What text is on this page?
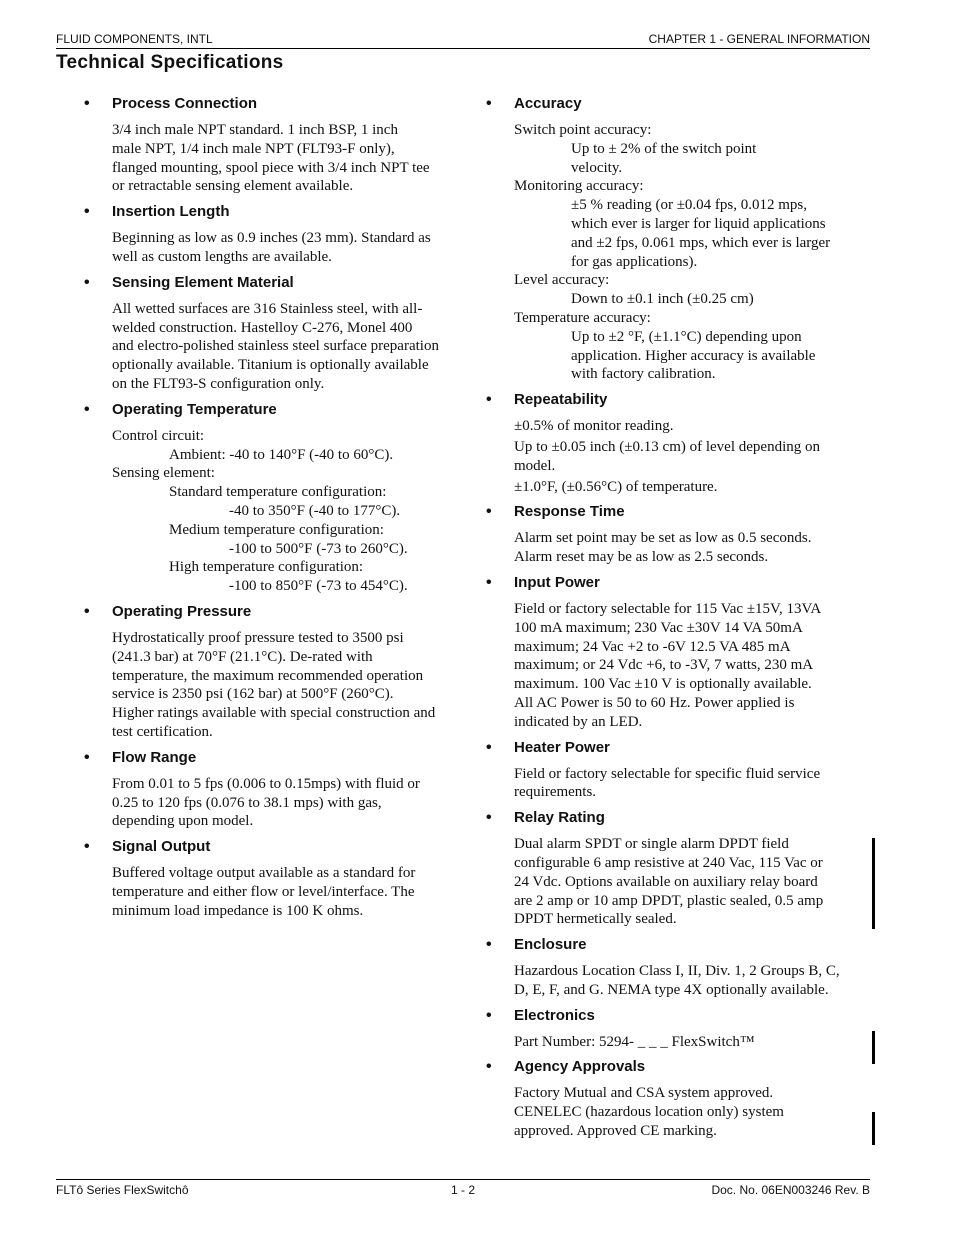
FLUID COMPONENTS, INTL	CHAPTER 1 - GENERAL INFORMATION
Technical Specifications
• Process Connection

3/4 inch male NPT standard. 1 inch BSP, 1 inch

male NPT, 1/4 inch male NPT (FLT93-F only),

flanged mounting, spool piece with 3/4 inch NPT tee

or retractable sensing element available.

• Insertion Length

Beginning as low as 0.9 inches (23 mm). Standard as

well as custom lengths are available.

• Sensing Element Material

All wetted surfaces are 316 Stainless steel, with all-

welded construction. Hastelloy C-276, Monel 400

and electro-polished stainless steel surface preparation

optionally available. Titanium is optionally available

on the FLT93-S configuration only.

• Operating Temperature

Control circuit:

Ambient: -40 to 140°F (-40 to 60°C).

Sensing element:

Standard temperature configuration:

-40 to 350°F (-40 to 177°C).

Medium temperature configuration:

-100 to 500°F (-73 to 260°C).

High temperature configuration:

-100 to 850°F (-73 to 454°C).

• Operating Pressure

Hydrostatically proof pressure tested to 3500 psi

(241.3 bar) at 70°F (21.1°C). De-rated with

temperature, the maximum recommended operation

service is 2350 psi (162 bar) at 500°F (260°C).

Higher ratings available with special construction and

test certification.

• Flow Range

From 0.01 to 5 fps (0.006 to 0.15mps) with fluid or

0.25 to 120 fps (0.076 to 38.1 mps) with gas,

depending upon model.

• Signal Output

Buffered voltage output available as a standard for

temperature and either flow or level/interface. The

minimum load impedance is 100 K ohms.

• Accuracy

Switch point accuracy:

Up to ± 2% of the switch point

velocity.

Monitoring accuracy:

±5 % reading (or ±0.04 fps, 0.012 mps,

which ever is larger for liquid applications

and ±2 fps, 0.061 mps, which ever is larger

for gas applications).

Level accuracy:

Down to ±0.1 inch (±0.25 cm)

Temperature accuracy:

Up to ±2 °F, (±1.1°C) depending upon

application. Higher accuracy is available

with factory calibration.

• Repeatability

±0.5% of monitor reading.

Up to ±0.05 inch (±0.13 cm) of level depending on

model.

±1.0°F, (±0.56°C) of temperature.

• Response Time

Alarm set point may be set as low as 0.5 seconds.

Alarm reset may be as low as 2.5 seconds.

• Input Power

Field or factory selectable for 115 Vac ±15V, 13VA

100 mA maximum; 230 Vac ±30V 14 VA 50mA

maximum; 24 Vac +2 to -6V 12.5 VA 485 mA

maximum; or 24 Vdc +6, to -3V, 7 watts, 230 mA

maximum. 100 Vac ±10 V is optionally available.

All AC Power is 50 to 60 Hz. Power applied is

indicated by an LED.

• Heater Power

Field or factory selectable for specific fluid service

requirements.

• Relay Rating

Dual alarm SPDT or single alarm DPDT field

configurable 6 amp resistive at 240 Vac, 115 Vac or

24 Vdc. Options available on auxiliary relay board

are 2 amp or 10 amp DPDT, plastic sealed, 0.5 amp

DPDT hermetically sealed.

• Enclosure

Hazardous Location Class I, II, Div. 1, 2 Groups B, C,

D, E, F, and G. NEMA type 4X optionally available.

• Electronics

Part Number: 5294- _ _ _ FlexSwitch™

• Agency Approvals

Factory Mutual and CSA system approved.

CENELEC (hazardous location only) system

approved. Approved CE marking.

FLTô Series FlexSwitchô	1 - 2	Doc. No. 06EN003246 Rev. B
